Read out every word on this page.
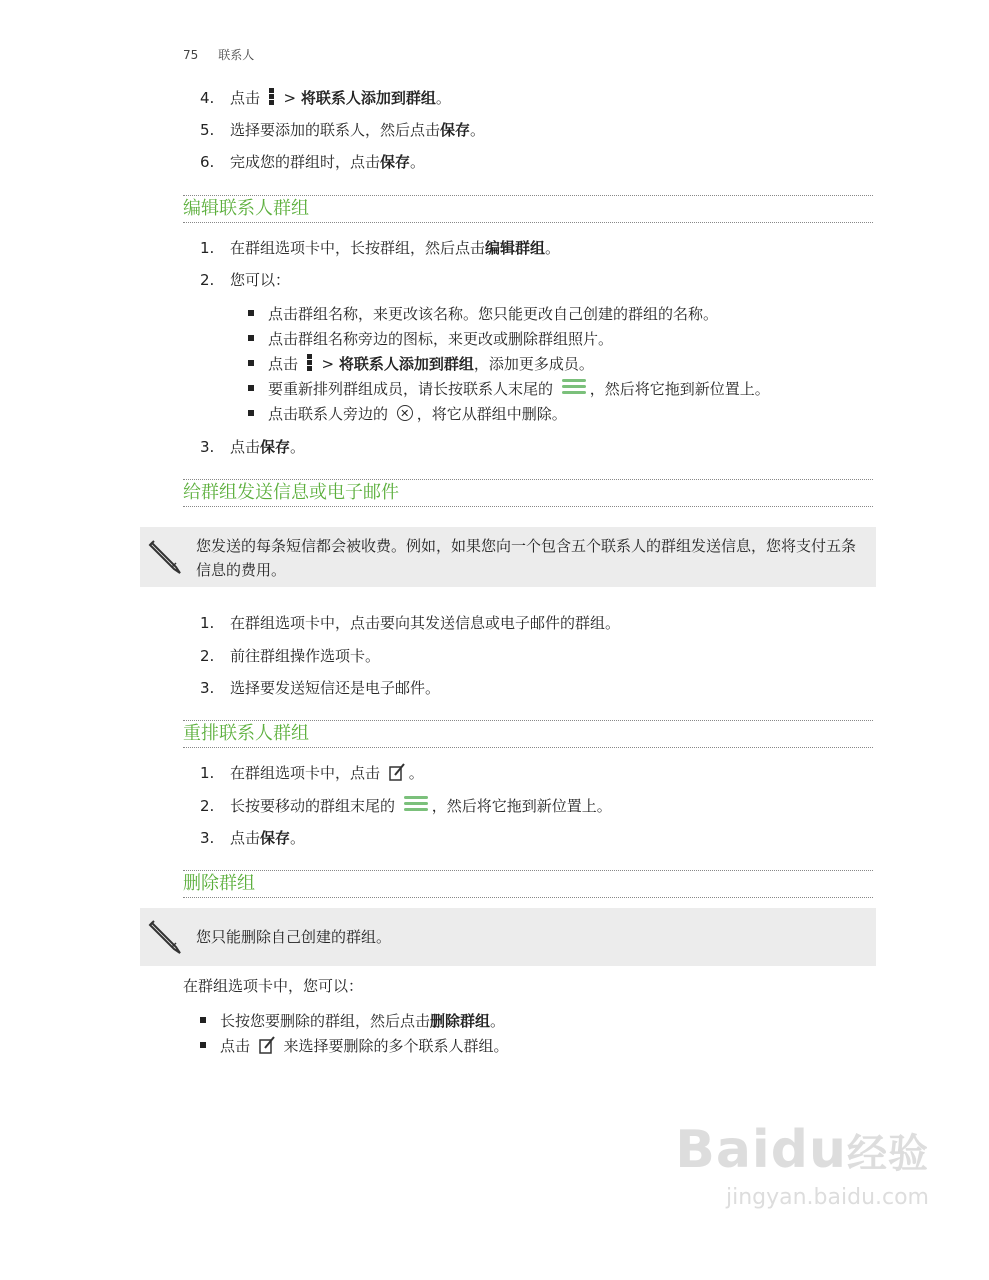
75 联系人
4. 点击
> 将联系人添加到群组。
5. 选择要添加的联系人，然后点击保存。
6. 完成您的群组时，点击保存。
编辑联系人群组
1. 在群组选项卡中，长按群组，然后点击编辑群组。
2. 您可以：
点击群组名称，来更改该名称。您只能更改自己创建的群组的名称。
点击群组名称旁边的图标，来更改或删除群组照片。
点击
> 将联系人添加到群组，添加更多成员。
要重新排列群组成员，请长按联系人末尾的
，然后将它拖到新位置上。
点击联系人旁边的 ✕ ，将它从群组中删除。
3. 点击保存。
给群组发送信息或电子邮件
您发送的每条短信都会被收费。例如，如果您向一个包含五个联系人的群组发送信息，您将支付五条信息的费用。
1. 在群组选项卡中，点击要向其发送信息或电子邮件的群组。
2. 前往群组操作选项卡。
3. 选择要发送短信还是电子邮件。
重排联系人群组
1. 在群组选项卡中，点击 。
2. 长按要移动的群组末尾的
，然后将它拖到新位置上。
3. 点击保存。
删除群组
您只能删除自己创建的群组。
在群组选项卡中，您可以：
长按您要删除的群组，然后点击删除群组。
点击  来选择要删除的多个联系人群组。
Baidu经验
jingyan.baidu.com
